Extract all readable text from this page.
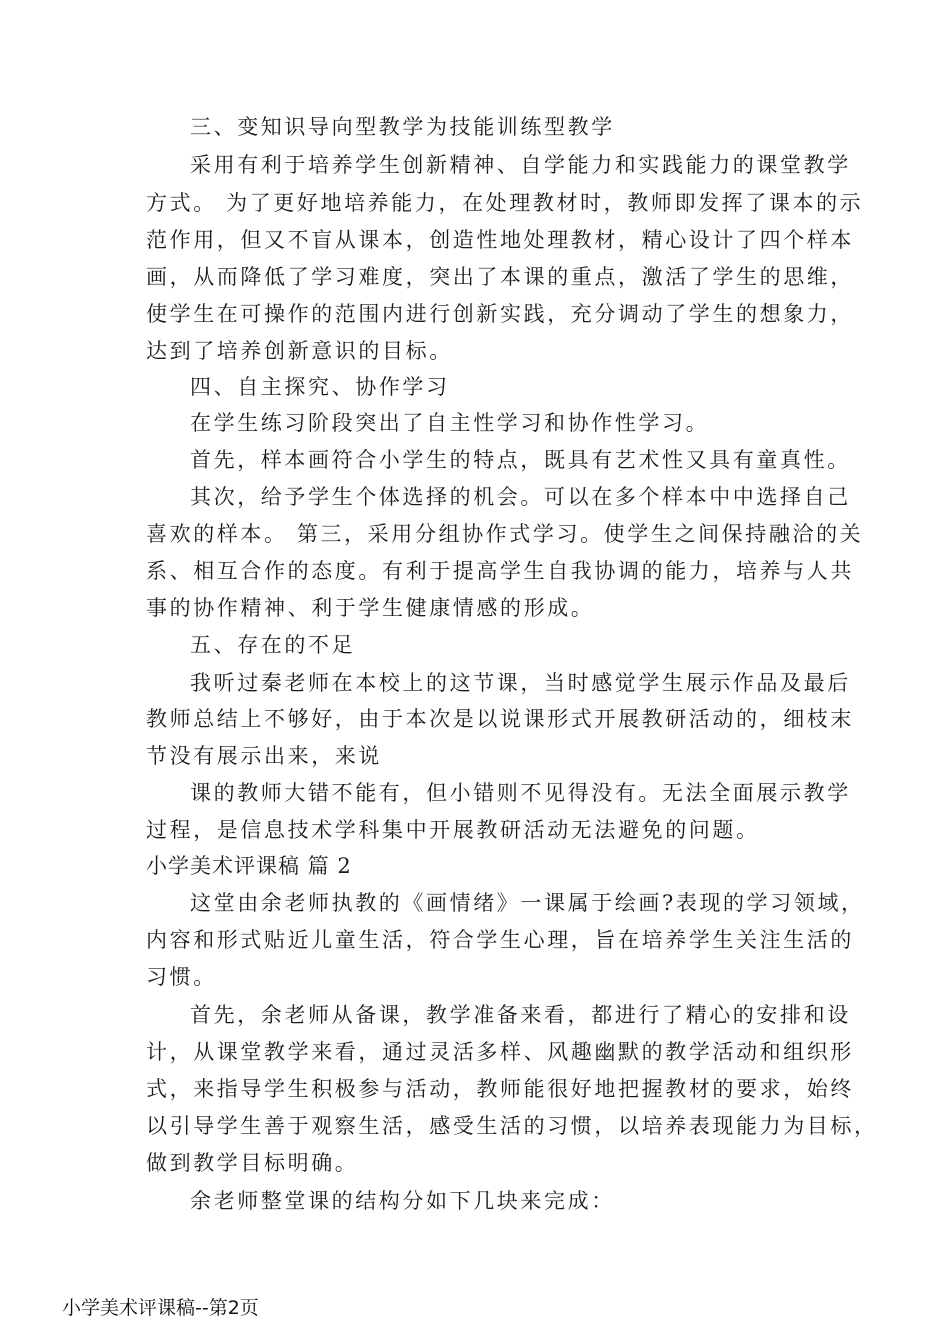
三、变知识导向型教学为技能训练型教学
采用有利于培养学生创新精神、自学能力和实践能力的课堂教学
方式。 为了更好地培养能力，在处理教材时，教师即发挥了课本的示
范作用，但又不盲从课本，创造性地处理教材，精心设计了四个样本
画，从而降低了学习难度，突出了本课的重点，激活了学生的思维，
使学生在可操作的范围内进行创新实践，充分调动了学生的想象力，
达到了培养创新意识的目标。
四、自主探究、协作学习
在学生练习阶段突出了自主性学习和协作性学习。
首先，样本画符合小学生的特点，既具有艺术性又具有童真性。
其次，给予学生个体选择的机会。可以在多个样本中中选择自己
喜欢的样本。 第三，采用分组协作式学习。使学生之间保持融洽的关
系、相互合作的态度。有利于提高学生自我协调的能力，培养与人共
事的协作精神、利于学生健康情感的形成。
五、存在的不足
我听过秦老师在本校上的这节课，当时感觉学生展示作品及最后
教师总结上不够好，由于本次是以说课形式开展教研活动的，细枝末
节没有展示出来，来说
课的教师大错不能有，但小错则不见得没有。无法全面展示教学
过程，是信息技术学科集中开展教研活动无法避免的问题。
小学美术评课稿 篇 2
这堂由余老师执教的《画情绪》一课属于绘画?表现的学习领域，
内容和形式贴近儿童生活，符合学生心理，旨在培养学生关注生活的
习惯。
首先，余老师从备课，教学准备来看，都进行了精心的安排和设
计，从课堂教学来看，通过灵活多样、风趣幽默的教学活动和组织形
式，来指导学生积极参与活动，教师能很好地把握教材的要求，始终
以引导学生善于观察生活，感受生活的习惯，以培养表现能力为目标，
做到教学目标明确。
余老师整堂课的结构分如下几块来完成：
小学美术评课稿--第2页
